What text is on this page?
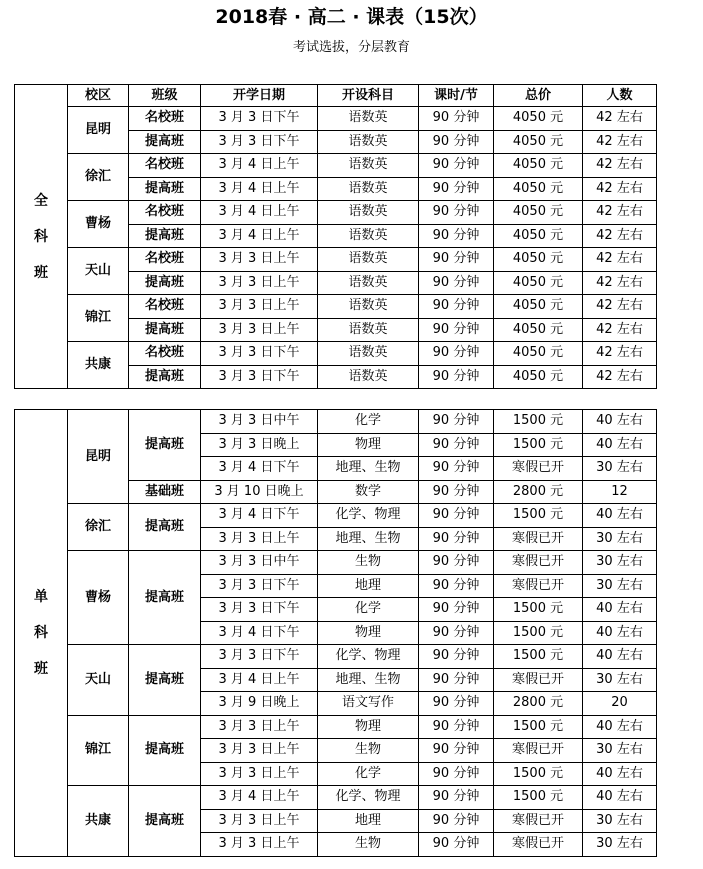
2018春 · 高二 · 课表（15次）
考试选拔，分层教育
全
科
班	校区	班级	开学日期	开设科目	课时/节	总价	人数
	昆明	名校班	3 月 3 日下午	语数英	90 分钟	4050 元	42 左右
		提高班	3 月 3 日下午	语数英	90 分钟	4050 元	42 左右
	徐汇	名校班	3 月 4 日上午	语数英	90 分钟	4050 元	42 左右
		提高班	3 月 4 日上午	语数英	90 分钟	4050 元	42 左右
	曹杨	名校班	3 月 4 日上午	语数英	90 分钟	4050 元	42 左右
		提高班	3 月 4 日上午	语数英	90 分钟	4050 元	42 左右
	天山	名校班	3 月 3 日上午	语数英	90 分钟	4050 元	42 左右
		提高班	3 月 3 日上午	语数英	90 分钟	4050 元	42 左右
	锦江	名校班	3 月 3 日上午	语数英	90 分钟	4050 元	42 左右
		提高班	3 月 3 日上午	语数英	90 分钟	4050 元	42 左右
	共康	名校班	3 月 3 日下午	语数英	90 分钟	4050 元	42 左右
		提高班	3 月 3 日下午	语数英	90 分钟	4050 元	42 左右
单
科
班	昆明	提高班	3 月 3 日中午	化学	90 分钟	1500 元	40 左右
			3 月 3 日晚上	物理	90 分钟	1500 元	40 左右
			3 月 4 日下午	地理、生物	90 分钟	寒假已开	30 左右
		基础班	3 月 10 日晚上	数学	90 分钟	2800 元	12
	徐汇	提高班	3 月 4 日下午	化学、物理	90 分钟	1500 元	40 左右
			3 月 3 日上午	地理、生物	90 分钟	寒假已开	30 左右
	曹杨	提高班	3 月 3 日中午	生物	90 分钟	寒假已开	30 左右
			3 月 3 日下午	地理	90 分钟	寒假已开	30 左右
			3 月 3 日下午	化学	90 分钟	1500 元	40 左右
			3 月 4 日下午	物理	90 分钟	1500 元	40 左右
	天山	提高班	3 月 3 日下午	化学、物理	90 分钟	1500 元	40 左右
			3 月 4 日上午	地理、生物	90 分钟	寒假已开	30 左右
			3 月 9 日晚上	语文写作	90 分钟	2800 元	20
	锦江	提高班	3 月 3 日上午	物理	90 分钟	1500 元	40 左右
			3 月 3 日上午	生物	90 分钟	寒假已开	30 左右
			3 月 3 日上午	化学	90 分钟	1500 元	40 左右
	共康	提高班	3 月 4 日上午	化学、物理	90 分钟	1500 元	40 左右
			3 月 3 日上午	地理	90 分钟	寒假已开	30 左右
			3 月 3 日上午	生物	90 分钟	寒假已开	30 左右
